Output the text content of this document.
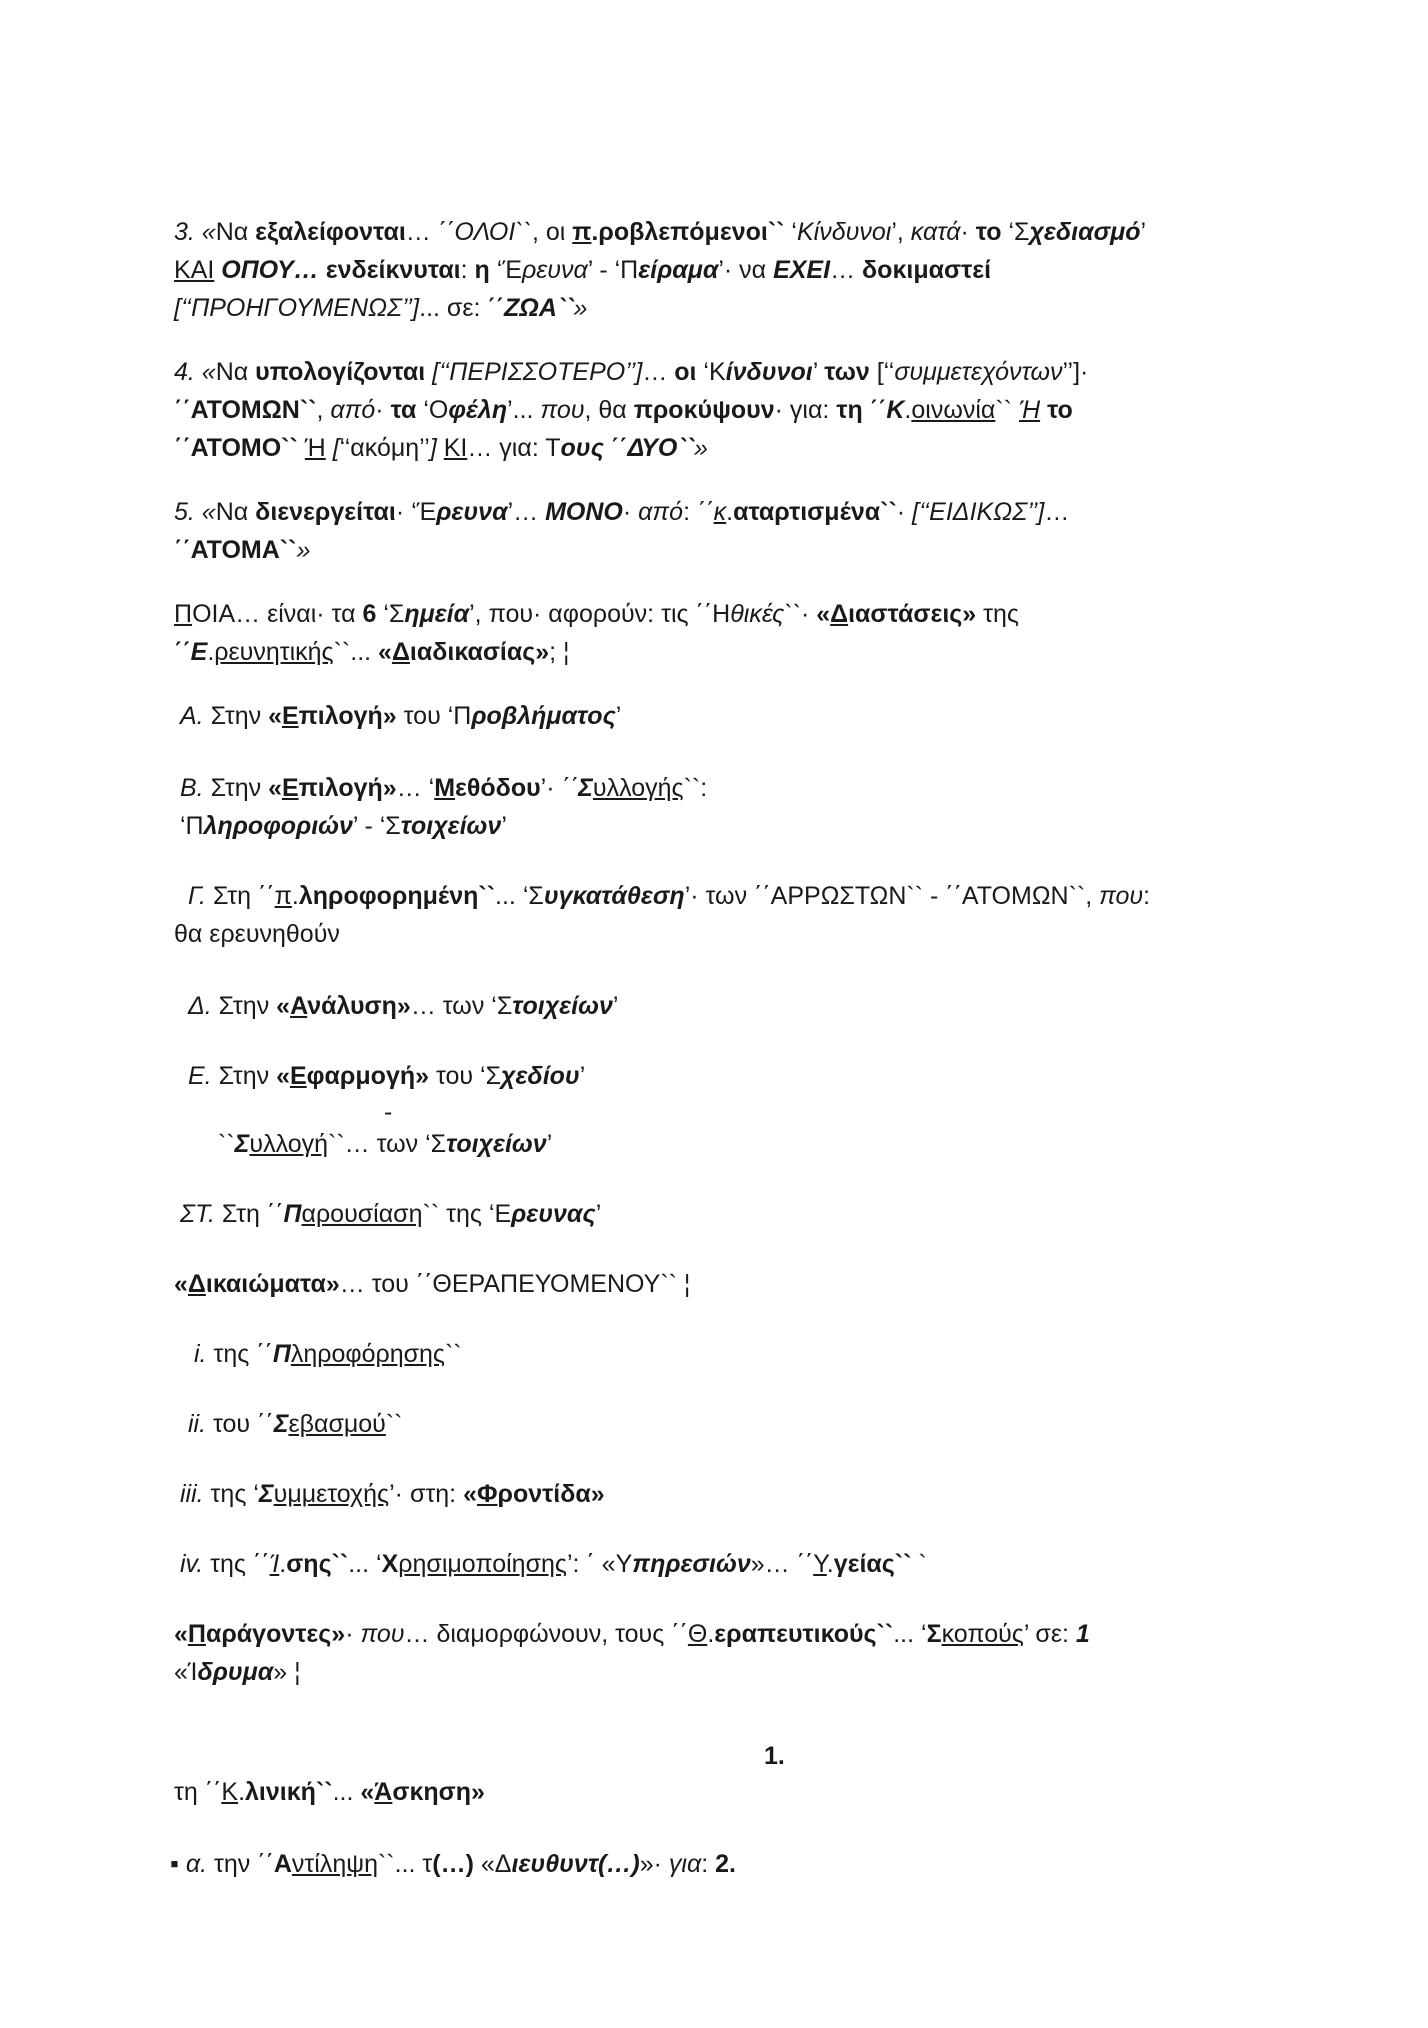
3. «Να εξαλείφονται… ΄΄ΟΛΟΙ``, οι π.ροβλεπόμενοι`` ‘Κίνδυνοι’, κατά· το ‘Σχεδιασμό’
ΚΑΙ ΟΠΟΥ… ενδείκνυται: η ‘Έρευνα’ - ‘Πείραμα’· να ΕΧΕΙ… δοκιμαστεί
[‘‘ΠΡΟΗΓΟΥΜΕΝΩΣ’’]... σε: ΄΄ΖΩΑ``»
4. «Να υπολογίζονται [‘‘ΠΕΡΙΣΣΟΤΕΡΟ’’]… οι ‘Κίνδυνοι’ των [‘‘συμμετεχόντων’’]·
΄΄ΑΤΟΜΩΝ``, από· τα ‘Οφέλη’... που, θα προκύψουν· για: τη ΄΄Κ.οινωνία`` Ή το
΄΄ΑΤΟΜΟ`` Ή [‘‘ακόμη’’] ΚΙ… για: Τους ΄΄ΔΥΟ``»
5. «Να διενεργείται· ‘Έρευνα’… ΜΟΝΟ· από: ΄΄κ.αταρτισμένα``· [‘‘ΕΙΔΙΚΩΣ’’]…
΄΄ΑΤΟΜΑ``»
ΠΟΙΑ… είναι· τα 6 ‘Σημεία’, που· αφορούν: τις ΄΄Ηθικές``· «Διαστάσεις» της
΄΄Ε.ρευνητικής``... «Διαδικασίας»; ¦
Α. Στην «Επιλογή» του ‘Προβλήματος’
Β. Στην «Επιλογή»… ‘Μεθόδου’· ΄΄Συλλογής``:
‘Πληροφοριών’ - ‘Στοιχείων’
Γ. Στη ΄΄π.ληροφορημένη``... ‘Συγκατάθεση’· των ΄΄ΑΡΡΩΣΤΩΝ`` - ΄΄ΑΤΟΜΩΝ``, που:
θα ερευνηθούν
Δ. Στην «Ανάλυση»… των ‘Στοιχείων’
Ε. Στην «Εφαρμογή» του ‘Σχεδίου’
-
``Συλλογή``… των ‘Στοιχείων’
ΣΤ. Στη ΄΄Παρουσίαση`` της ‘Ερευνας’
«Δικαιώματα»… του ΄΄ΘΕΡΑΠΕΥΟΜΕΝΟΥ`` ¦
i. της ΄΄Πληροφόρησης``
ii. του ΄΄Σεβασμού``
iii. της ‘Συμμετοχής’· στη: «Φροντίδα»
iv. της ΄΄Ί.σης``... ‘Χρησιμοποίησης’: ΄ «Υπηρεσιών»… ΄΄Υ.γείας`` `
«Παράγοντες»· που… διαμορφώνουν, τους ΄΄Θ.εραπευτικούς``... ‘Σκοπούς’ σε: 1
«Ίδρυμα» ¦
1.
τη ΄΄Κ.λινική``... «Άσκηση»
▪ α. την ΄΄Αντίληψη``... τ(…) «Διευθυντ(…)»· για: 2.
